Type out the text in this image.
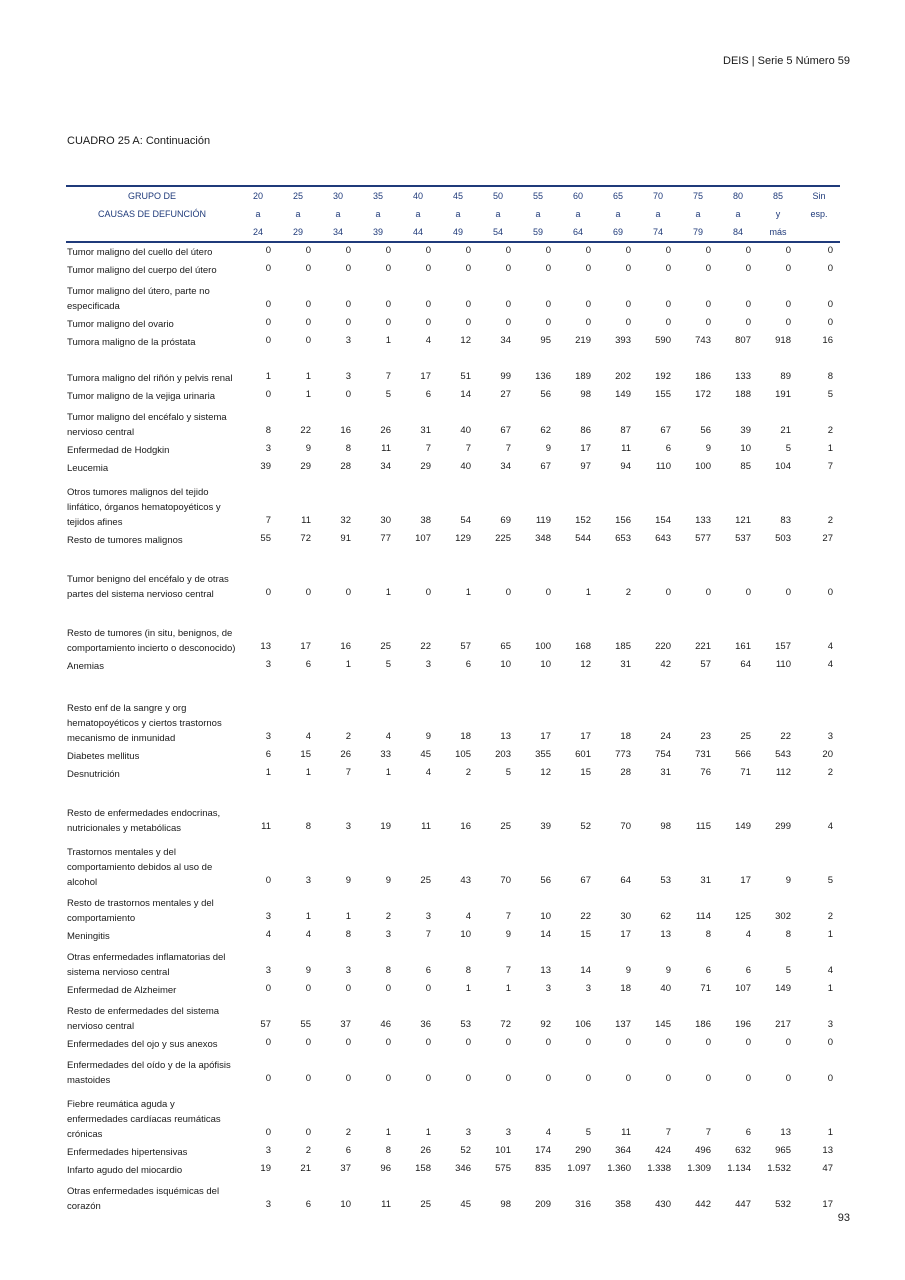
DEIS | Serie 5 Número 59
CUADRO 25 A: Continuación
GRUPO DE	20	25	30	35	40	45	50	55	60	65	70	75	80	85	Sin
CAUSAS DE DEFUNCIÓN	a	a	a	a	a	a	a	a	a	a	a	a	a	y	esp.
	24	29	34	39	44	49	54	59	64	69	74	79	84	más	
Tumor maligno del cuello del útero	0	0	0	0	0	0	0	0	0	0	0	0	0	0	0
Tumor maligno del cuerpo del útero	0	0	0	0	0	0	0	0	0	0	0	0	0	0	0
Tumor maligno del útero, parte no especificada	0	0	0	0	0	0	0	0	0	0	0	0	0	0	0
Tumor maligno del ovario	0	0	0	0	0	0	0	0	0	0	0	0	0	0	0
Tumora maligno de la próstata	0	0	3	1	4	12	34	95	219	393	590	743	807	918	16
Tumora maligno del riñón y pelvis renal	1	1	3	7	17	51	99	136	189	202	192	186	133	89	8
Tumor maligno de la vejiga urinaria	0	1	0	5	6	14	27	56	98	149	155	172	188	191	5
Tumor maligno del encéfalo y sistema nervioso central	8	22	16	26	31	40	67	62	86	87	67	56	39	21	2
Enfermedad de Hodgkin	3	9	8	11	7	7	7	9	17	11	6	9	10	5	1
Leucemia	39	29	28	34	29	40	34	67	97	94	110	100	85	104	7
Otros tumores malignos del tejido linfático, órganos hematopoyéticos y tejidos afines	7	11	32	30	38	54	69	119	152	156	154	133	121	83	2
Resto de tumores malignos	55	72	91	77	107	129	225	348	544	653	643	577	537	503	27
Tumor benigno del encéfalo y de otras partes del sistema nervioso central	0	0	0	1	0	1	0	0	1	2	0	0	0	0	0
Resto de tumores (in situ, benignos, de comportamiento incierto o desconocido)	13	17	16	25	22	57	65	100	168	185	220	221	161	157	4
Anemias	3	6	1	5	3	6	10	10	12	31	42	57	64	110	4
Resto enf de la sangre y org hematopoyéticos y ciertos trastornos mecanismo de inmunidad	3	4	2	4	9	18	13	17	17	18	24	23	25	22	3
Diabetes mellitus	6	15	26	33	45	105	203	355	601	773	754	731	566	543	20
Desnutrición	1	1	7	1	4	2	5	12	15	28	31	76	71	112	2
Resto de enfermedades endocrinas, nutricionales y metabólicas	11	8	3	19	11	16	25	39	52	70	98	115	149	299	4
Trastornos mentales y del comportamiento debidos al uso de alcohol	0	3	9	9	25	43	70	56	67	64	53	31	17	9	5
Resto de trastornos mentales y del comportamiento	3	1	1	2	3	4	7	10	22	30	62	114	125	302	2
Meningitis	4	4	8	3	7	10	9	14	15	17	13	8	4	8	1
Otras enfermedades inflamatorias del sistema nervioso central	3	9	3	8	6	8	7	13	14	9	9	6	6	5	4
Enfermedad de Alzheimer	0	0	0	0	0	1	1	3	3	18	40	71	107	149	1
Resto de enfermedades del sistema nervioso central	57	55	37	46	36	53	72	92	106	137	145	186	196	217	3
Enfermedades del ojo y sus anexos	0	0	0	0	0	0	0	0	0	0	0	0	0	0	0
Enfermedades del oído y de la apófisis mastoides	0	0	0	0	0	0	0	0	0	0	0	0	0	0	0
Fiebre reumática aguda y enfermedades cardíacas reumáticas crónicas	0	0	2	1	1	3	3	4	5	11	7	7	6	13	1
Enfermedades hipertensivas	3	2	6	8	26	52	101	174	290	364	424	496	632	965	13
Infarto agudo del miocardio	19	21	37	96	158	346	575	835	1.097	1.360	1.338	1.309	1.134	1.532	47
Otras enfermedades isquémicas del corazón	3	6	10	11	25	45	98	209	316	358	430	442	447	532	17
93
